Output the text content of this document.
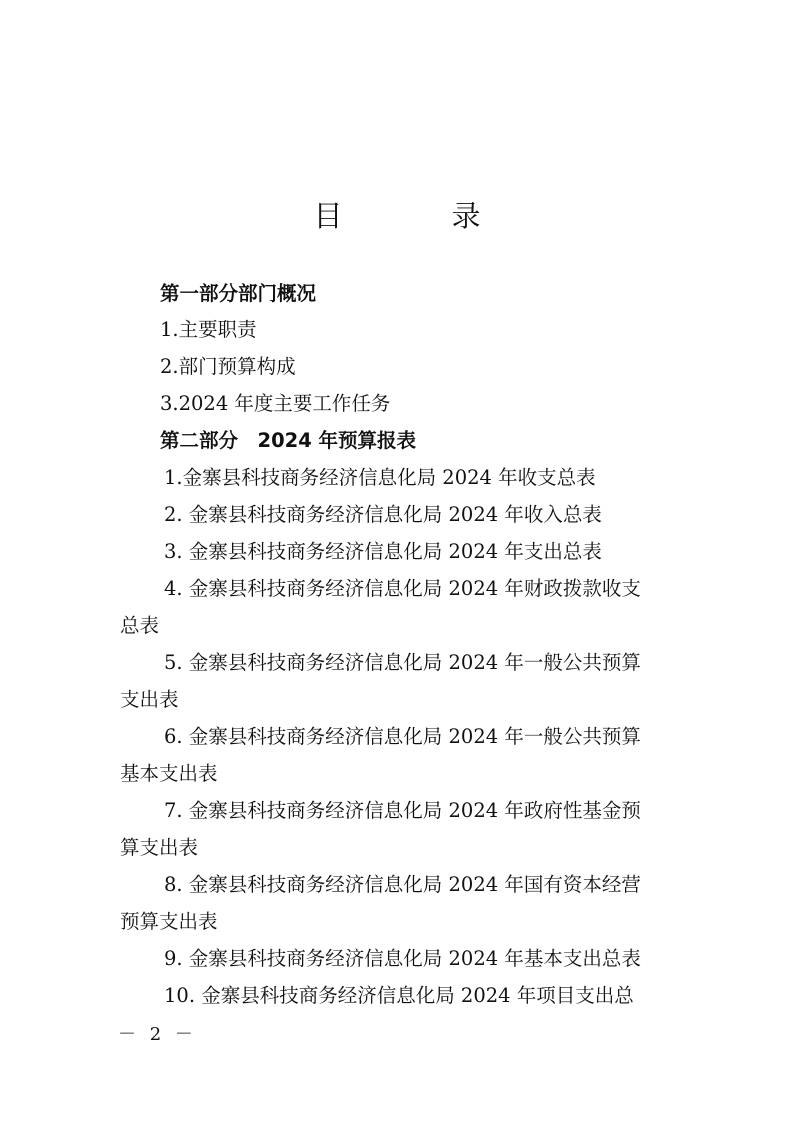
目　录
第一部分部门概况
1.主要职责
2.部门预算构成
3.2024 年度主要工作任务
第二部分　2024 年预算报表
1.金寨县科技商务经济信息化局 2024 年收支总表
2. 金寨县科技商务经济信息化局 2024 年收入总表
3. 金寨县科技商务经济信息化局 2024 年支出总表
4. 金寨县科技商务经济信息化局 2024 年财政拨款收支
总表
5. 金寨县科技商务经济信息化局 2024 年一般公共预算
支出表
6. 金寨县科技商务经济信息化局 2024 年一般公共预算
基本支出表
7. 金寨县科技商务经济信息化局 2024 年政府性基金预
算支出表
8. 金寨县科技商务经济信息化局 2024 年国有资本经营
预算支出表
9. 金寨县科技商务经济信息化局 2024 年基本支出总表
10. 金寨县科技商务经济信息化局 2024 年项目支出总
－ 2 －
